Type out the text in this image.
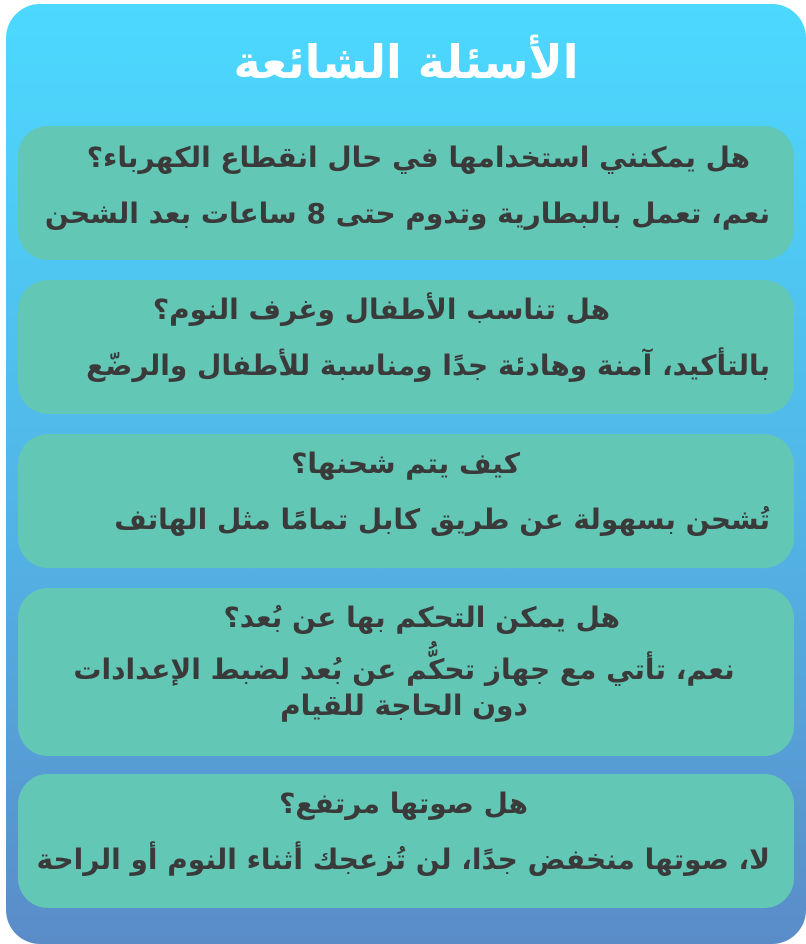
الأسئلة الشائعة
هل يمكنني استخدامها في حال انقطاع الكهرباء؟
نعم، تعمل بالبطارية وتدوم حتى 8 ساعات بعد الشحن
هل تناسب الأطفال وغرف النوم؟
بالتأكيد، آمنة وهادئة جدًا ومناسبة للأطفال والرضّع
كيف يتم شحنها؟
تُشحن بسهولة عن طريق كابل تمامًا مثل الهاتف
هل يمكن التحكم بها عن بُعد؟
نعم، تأتي مع جهاز تحكُّم عن بُعد لضبط الإعدادات دون الحاجة للقيام
هل صوتها مرتفع؟
لا، صوتها منخفض جدًا، لن تُزعجك أثناء النوم أو الراحة
